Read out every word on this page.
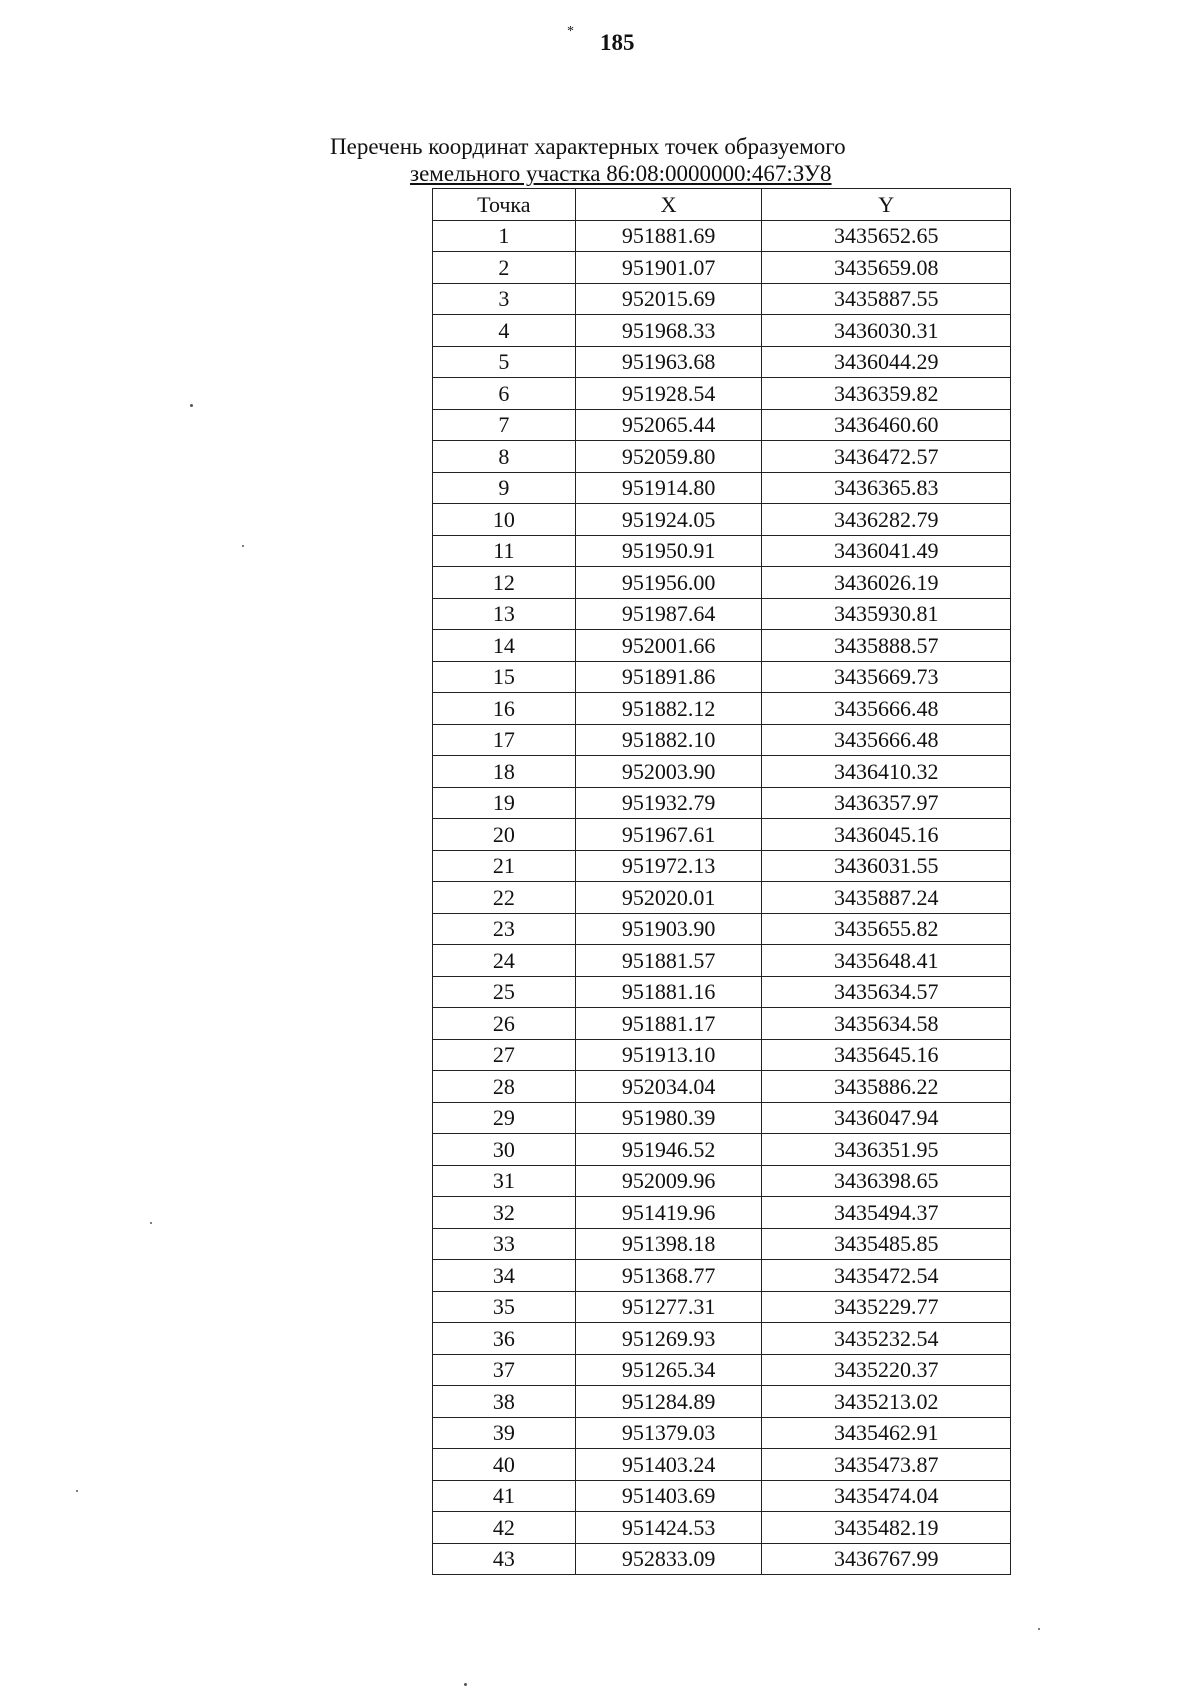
* 185
Перечень координат характерных точек образуемого
земельного участка 86:08:0000000:467:ЗУ8
Точка	X	Y
1	951881.69	3435652.65
2	951901.07	3435659.08
3	952015.69	3435887.55
4	951968.33	3436030.31
5	951963.68	3436044.29
6	951928.54	3436359.82
7	952065.44	3436460.60
8	952059.80	3436472.57
9	951914.80	3436365.83
10	951924.05	3436282.79
11	951950.91	3436041.49
12	951956.00	3436026.19
13	951987.64	3435930.81
14	952001.66	3435888.57
15	951891.86	3435669.73
16	951882.12	3435666.48
17	951882.10	3435666.48
18	952003.90	3436410.32
19	951932.79	3436357.97
20	951967.61	3436045.16
21	951972.13	3436031.55
22	952020.01	3435887.24
23	951903.90	3435655.82
24	951881.57	3435648.41
25	951881.16	3435634.57
26	951881.17	3435634.58
27	951913.10	3435645.16
28	952034.04	3435886.22
29	951980.39	3436047.94
30	951946.52	3436351.95
31	952009.96	3436398.65
32	951419.96	3435494.37
33	951398.18	3435485.85
34	951368.77	3435472.54
35	951277.31	3435229.77
36	951269.93	3435232.54
37	951265.34	3435220.37
38	951284.89	3435213.02
39	951379.03	3435462.91
40	951403.24	3435473.87
41	951403.69	3435474.04
42	951424.53	3435482.19
43	952833.09	3436767.99
